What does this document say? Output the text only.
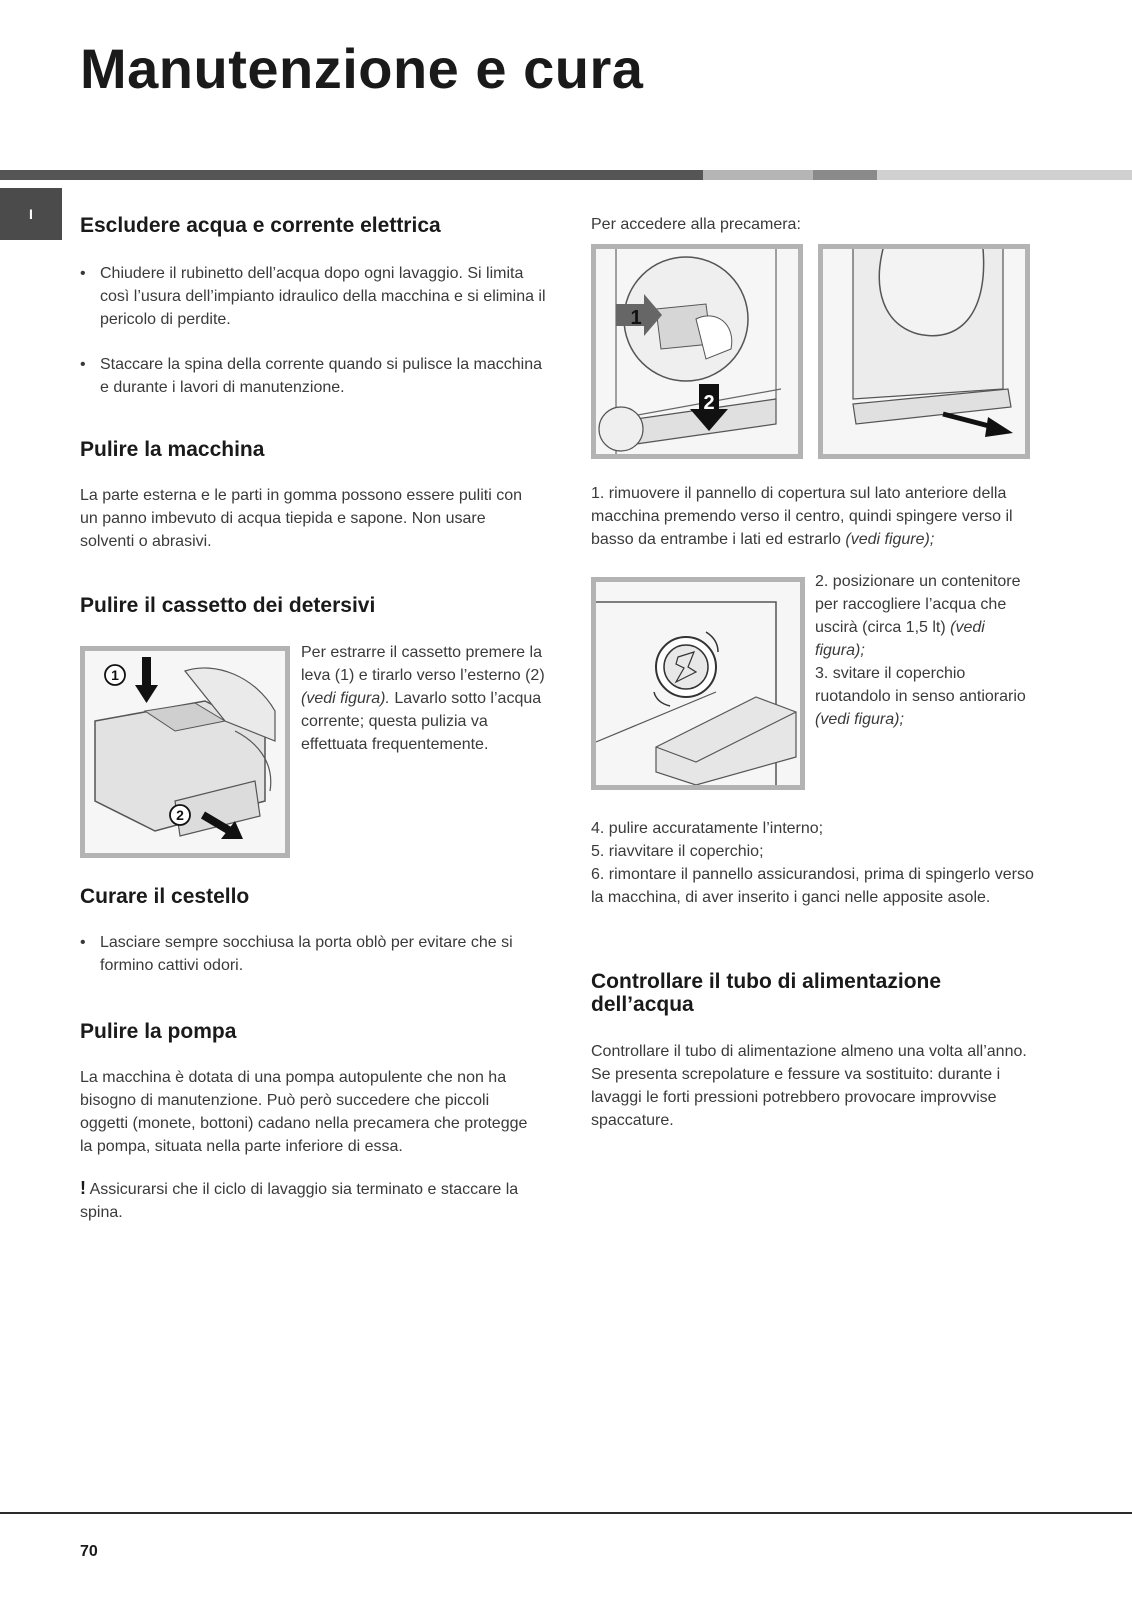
Manutenzione e cura
I	Escludere acqua e corrente elettrica
• Chiudere il rubinetto dell’acqua dopo ogni lavaggio. Si limita così l’usura dell’impianto idraulico della macchina e si elimina il pericolo di perdite.
• Staccare la spina della corrente quando si pulisce la macchina e durante i lavori di manutenzione.
Pulire la macchina

La parte esterna e le parti in gomma possono essere puliti con un panno imbevuto di acqua tiepida e sapone. Non usare solventi o abrasivi.

Pulire il cassetto dei detersivi
1
2

Per estrarre il cassetto premere la leva (1) e tirarlo verso l’esterno (2) (vedi figura). Lavarlo sotto l’acqua corrente; questa pulizia va effettuata frequentemente.

Curare il cestello
• Lasciare sempre socchiusa la porta oblò per evitare che si formino cattivi odori.
Pulire la pompa

La macchina è dotata di una pompa autopulente che non ha bisogno di manutenzione. Può però succedere che piccoli oggetti (monete, bottoni) cadano nella precamera che protegge la pompa, situata nella parte inferiore di essa.

! Assicurarsi che il ciclo di lavaggio sia terminato e staccare la spina.

Per accedere alla precamera:

1
2

1. rimuovere il pannello di copertura sul lato anteriore della macchina premendo verso il centro, quindi spingere verso il basso da entrambe i lati ed estrarlo (vedi figure);

2. posizionare un contenitore per raccogliere l’acqua che uscirà (circa 1,5 lt) (vedi figura);
3. svitare il coperchio ruotandolo in senso antiorario (vedi figura);

4. pulire accuratamente l’interno;
5. riavvitare il coperchio;
6. rimontare il pannello assicurandosi, prima di spingerlo verso la macchina, di aver inserito i ganci nelle apposite asole.

Controllare il tubo di alimentazione dell’acqua

Controllare il tubo di alimentazione almeno una volta all’anno. Se presenta screpolature e fessure va sostituito: durante i lavaggi le forti pressioni potrebbero provocare improvvise spaccature.

70
